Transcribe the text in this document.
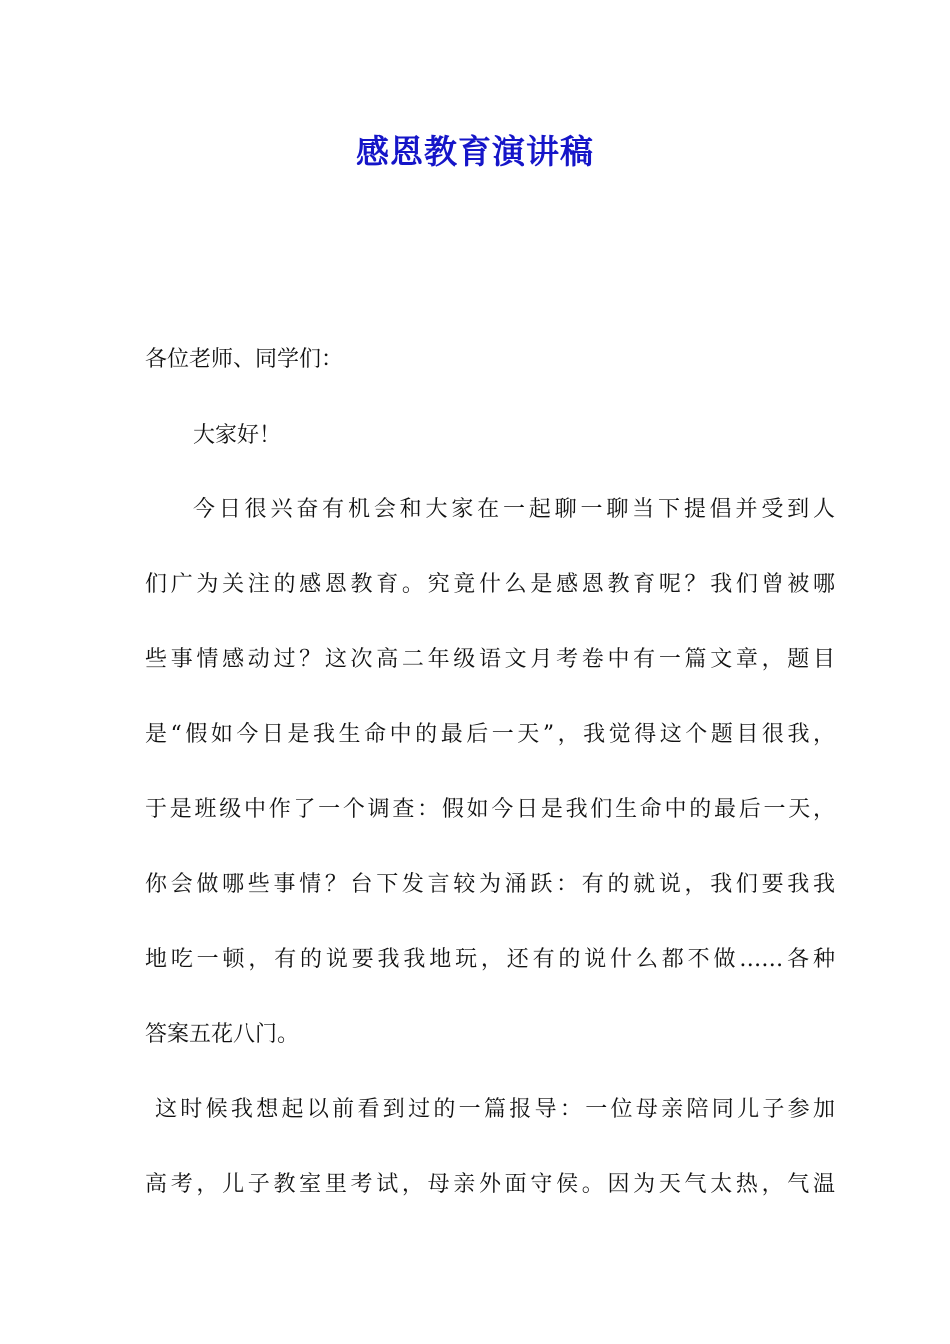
感恩教育演讲稿

各位老师、同学们：

大家好！

今日很兴奋有机会和大家在一起聊一聊当下提倡并受到人

们广为关注的感恩教育。究竟什么是感恩教育呢？我们曾被哪

些事情感动过？这次高二年级语文月考卷中有一篇文章，题目

是“假如今日是我生命中的最后一天”，我觉得这个题目很我，

于是班级中作了一个调查：假如今日是我们生命中的最后一天，

你会做哪些事情？台下发言较为涌跃：有的就说，我们要我我

地吃一顿，有的说要我我地玩，还有的说什么都不做……各种

答案五花八门。

这时候我想起以前看到过的一篇报导：一位母亲陪同儿子参加

高考，儿子教室里考试，母亲外面守侯。因为天气太热，气温
